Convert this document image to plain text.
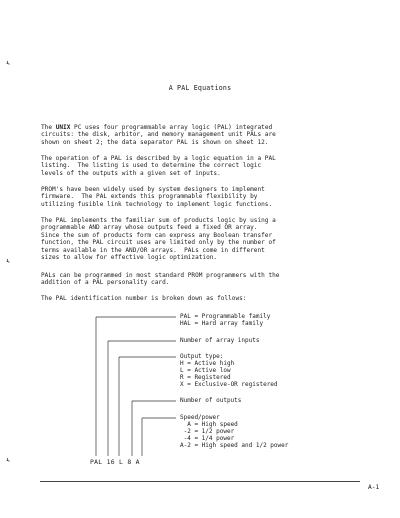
‹
‹
‹
A PAL Equations

The UNIX PC uses four programmable array logic (PAL) integrated
circuits: the disk, arbitor, and memory management unit PALs are
shown on sheet 2; the data separator PAL is shown on sheet 12.

The operation of a PAL is described by a logic equation in a PAL
listing.  The listing is used to determine the correct logic
levels of the outputs with a given set of inputs.

PROM's have been widely used by system designers to implement
firmware.  The PAL extends this programmable flexibility by
utilizing fusible link technology to implement logic functions.

The PAL implements the familiar sum of products logic by using a
programmable AND array whose outputs feed a fixed OR array.
Since the sum of products form can express any Boolean transfer
function, the PAL circuit uses are limited only by the number of
terms available in the AND/OR arrays.  PALs come in different
sizes to allow for effective logic optimization.

PALs can be programmed in most standard PROM programmers with the
addition of a PAL personality card.

The PAL identification number is broken down as follows:

PAL = Programmable family
HAL = Hard array family
Number of array inputs
Output type:
H = Active high
L = Active low
R = Registered
X = Exclusive-OR registered
Number of outputs
Speed/power
A = High speed
-2 = 1/2 power
-4 = 1/4 power
A-2 = High speed and 1/2 power
PAL 16 L 8 A
A-1
